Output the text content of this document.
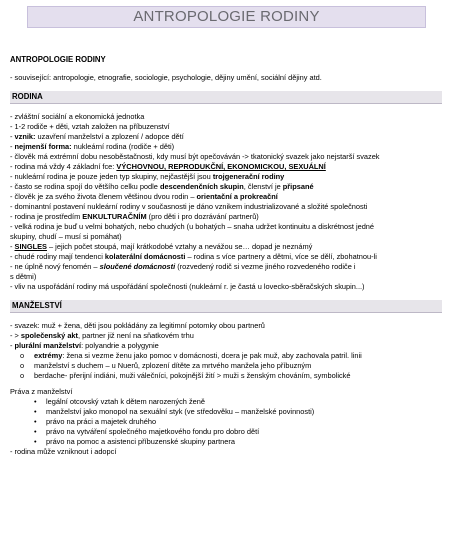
ANTROPOLOGIE RODINY
ANTROPOLOGIE RODINY
- související: antropologie, etnografie, sociologie, psychologie, dějiny umění, sociální dějiny atd.
RODINA
- zvláštní sociální a ekonomická jednotka
- 1-2 rodiče + děti, vztah založen na příbuzenství
- vznik: uzavření manželství a zplození / adopce dětí
- nejmenší forma: nukleární rodina (rodiče + děti)
- člověk má extrémní dobu nesoběstačnosti, kdy musí být opečováván -> tkatonický svazek jako nejstarší svazek
- rodina má vždy 4 základní fce: VÝCHOVNOU, REPRODUKČNÍ, EKONOMICKOU, SEXUÁLNÍ
- nukleární rodina je pouze jeden typ skupiny, nejčastější jsou trojgenerační rodiny
- často se rodina spojí do většího celku podle descendenčních skupin, členství je připsané
- člověk je za svého života členem většinou dvou rodin – orientační a prokreační
- dominantní postavení nukleární rodiny v současnosti je dáno vznikem industrializované a složité společnosti
- rodina je prostředím ENKULTURAČNÍM (pro děti i pro dozrávání partnerů)
- velká rodina je buď u velmi bohatých, nebo chudých (u bohatých – snaha udržet kontinuitu a diskrétnost jedné
skupiny, chudí – musí si pomáhat)
- SINGLES – jejich počet stoupá, mají krátkodobé vztahy a nevážou se… dopad je neznámý
- chudé rodiny mají tendenci kolaterální domácnosti – rodina s více partnery a dětmi, více se dělí, zbohatnou-li
- ne úplně nový fenomén – sloučené domácnosti (rozvedený rodič si vezme jiného rozvedeného rodiče i
s dětmi)
- vliv na uspořádání rodiny má uspořádání společnosti (nukleární r. je častá u lovecko-sběračských skupin...)
MANŽELSTVÍ
- svazek: muž + žena, děti jsou pokládány za legitimní potomky obou partnerů
- > společenský akt, partner již není na sňatkovém trhu
- plurální manželství: polyandrie a polygynie
o	extrémy: žena si vezme ženu jako pomoc v domácnosti, dcera je pak muž, aby zachovala patril. linii
o	manželství s duchem – u Nuerů, zplození dítěte za mrtvého manžela jeho příbuzným
o	berdache- přerijní indiáni, muži válečníci, pokojnější žití > muži s ženským chováním, symbolické
Práva z manželství
•	legální otcovský vztah k dětem narozených ženě
•	manželství jako monopol na sexuální styk (ve středověku – manželské povinnosti)
•	právo na práci a majetek druhého
•	právo na vytváření společného majetkového fondu pro dobro dětí
•	právo na pomoc a asistenci příbuzenské skupiny partnera
- rodina může vzniknout i adopcí
